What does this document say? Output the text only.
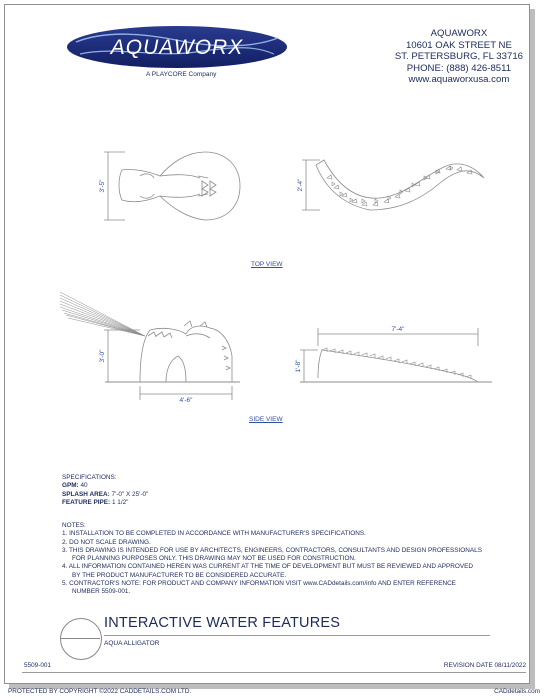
AQUAWORX
A PLAYCORE Company
AQUAWORX
10601 OAK STREET NE
ST. PETERSBURG, FL 33716
PHONE: (888) 426-8511
www.aquaworxusa.com
3'-5"	2'-4"
3'-0"
4'-6"
1'-8"
7'-4"
TOP VIEW
SIDE VIEW
SPECIFICATIONS:
GPM: 40
SPLASH AREA: 7'-0" X 25'-0"
FEATURE PIPE: 1 1/2"
NOTES:
1. INSTALLATION TO BE COMPLETED IN ACCORDANCE WITH MANUFACTURER'S SPECIFICATIONS.
2. DO NOT SCALE DRAWING.
3. THIS DRAWING IS INTENDED FOR USE BY ARCHITECTS, ENGINEERS, CONTRACTORS, CONSULTANTS AND DESIGN PROFESSIONALS FOR PLANNING PURPOSES ONLY. THIS DRAWING MAY NOT BE USED FOR CONSTRUCTION.
4. ALL INFORMATION CONTAINED HEREIN WAS CURRENT AT THE TIME OF DEVELOPMENT BUT MUST BE REVIEWED AND APPROVED BY THE PRODUCT MANUFACTURER TO BE CONSIDERED ACCURATE.
5. CONTRACTOR'S NOTE: FOR PRODUCT AND COMPANY INFORMATION VISIT www.CADdetails.com/info AND ENTER REFERENCE NUMBER 5509-001.
INTERACTIVE WATER FEATURES
AQUA ALLIGATOR
5509-001	REVISION DATE 08/11/2022
PROTECTED BY COPYRIGHT ©2022 CADDETAILS.COM LTD.	CADdetails.com
